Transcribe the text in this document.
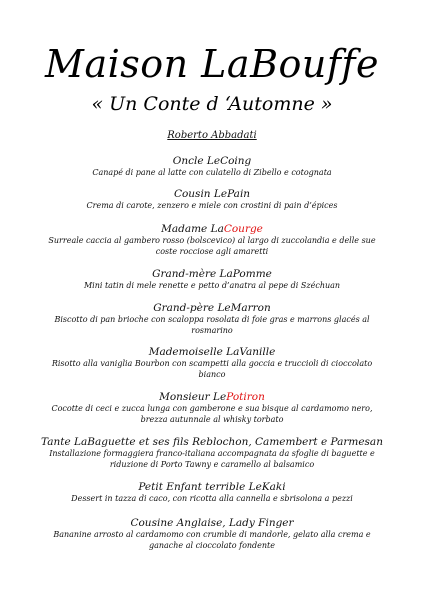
Maison LaBouffe
« Un Conte d ‘Automne »
Roberto Abbadati
Oncle LeCoing
Canapé di pane al latte con culatello di Zibello e cotognata
Cousin LePain
Crema di carote, zenzero e miele con crostini di pain d’épices
Madame LaCourge
Surreale caccia al gambero rosso (bolscevico) al largo di zuccolandia e delle sue coste rocciose agli amaretti
Grand-mère LaPomme
Mini tatin di mele renette e petto d’anatra al pepe di Széchuan
Grand-père LeMarron
Biscotto di pan brioche con scaloppa rosolata di foie gras e marrons glacés al rosmarino
Mademoiselle LaVanille
Risotto alla vaniglia Bourbon con scampetti alla goccia e truccioli di cioccolato bianco
Monsieur LePotiron
Cocotte di ceci e zucca lunga con gamberone e sua bisque al cardamomo nero, brezza autunnale al whisky torbato
Tante LaBaguette et ses fils Reblochon, Camembert e Parmesan
Installazione formaggiera franco-italiana accompagnata da sfoglie di baguette e riduzione di Porto Tawny e caramello al balsamico
Petit Enfant terrible LeKaki
Dessert in tazza di caco, con ricotta alla cannella e sbrisolona a pezzi
Cousine Anglaise, Lady Finger
Bananine arrosto al cardamomo con crumble di mandorle, gelato alla crema e ganache al cioccolato fondente
